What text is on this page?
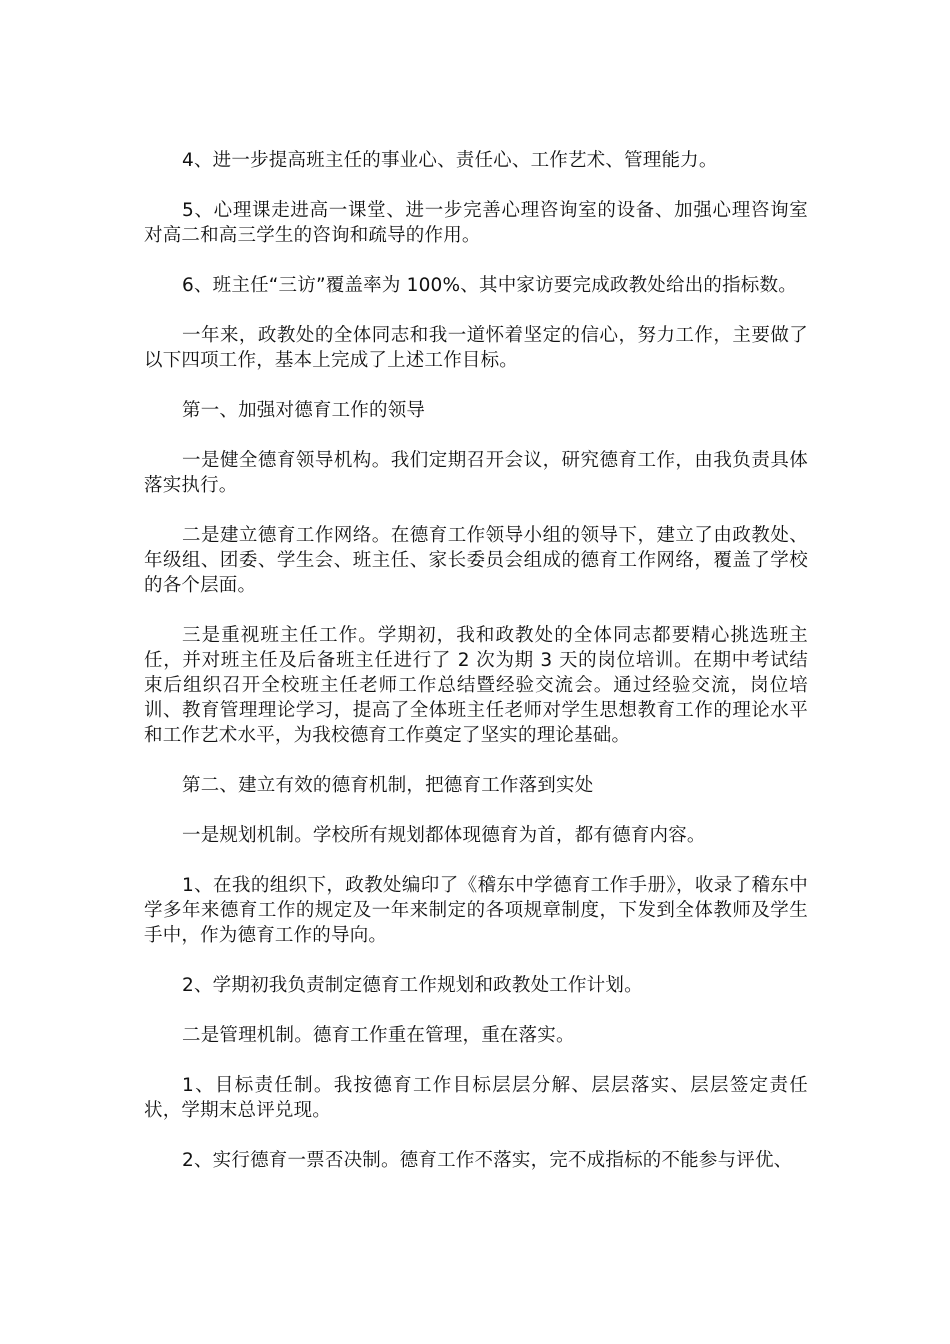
4、进一步提高班主任的事业心、责任心、工作艺术、管理能力。

5、心理课走进高一课堂、进一步完善心理咨询室的设备、加强心理咨询室对高二和高三学生的咨询和疏导的作用。

6、班主任“三访”覆盖率为 100%、其中家访要完成政教处给出的指标数。

一年来，政教处的全体同志和我一道怀着坚定的信心，努力工作，主要做了以下四项工作，基本上完成了上述工作目标。

第一、加强对德育工作的领导

一是健全德育领导机构。我们定期召开会议，研究德育工作，由我负责具体落实执行。

二是建立德育工作网络。在德育工作领导小组的领导下，建立了由政教处、年级组、团委、学生会、班主任、家长委员会组成的德育工作网络，覆盖了学校的各个层面。

三是重视班主任工作。学期初，我和政教处的全体同志都要精心挑选班主任，并对班主任及后备班主任进行了 2 次为期 3 天的岗位培训。在期中考试结束后组织召开全校班主任老师工作总结暨经验交流会。通过经验交流，岗位培训、教育管理理论学习，提高了全体班主任老师对学生思想教育工作的理论水平和工作艺术水平，为我校德育工作奠定了坚实的理论基础。

第二、建立有效的德育机制，把德育工作落到实处

一是规划机制。学校所有规划都体现德育为首，都有德育内容。

1、在我的组织下，政教处编印了《稽东中学德育工作手册》，收录了稽东中学多年来德育工作的规定及一年来制定的各项规章制度，下发到全体教师及学生手中，作为德育工作的导向。

2、学期初我负责制定德育工作规划和政教处工作计划。

二是管理机制。德育工作重在管理，重在落实。

1、目标责任制。我按德育工作目标层层分解、层层落实、层层签定责任状，学期末总评兑现。

2、实行德育一票否决制。德育工作不落实，完不成指标的不能参与评优、
